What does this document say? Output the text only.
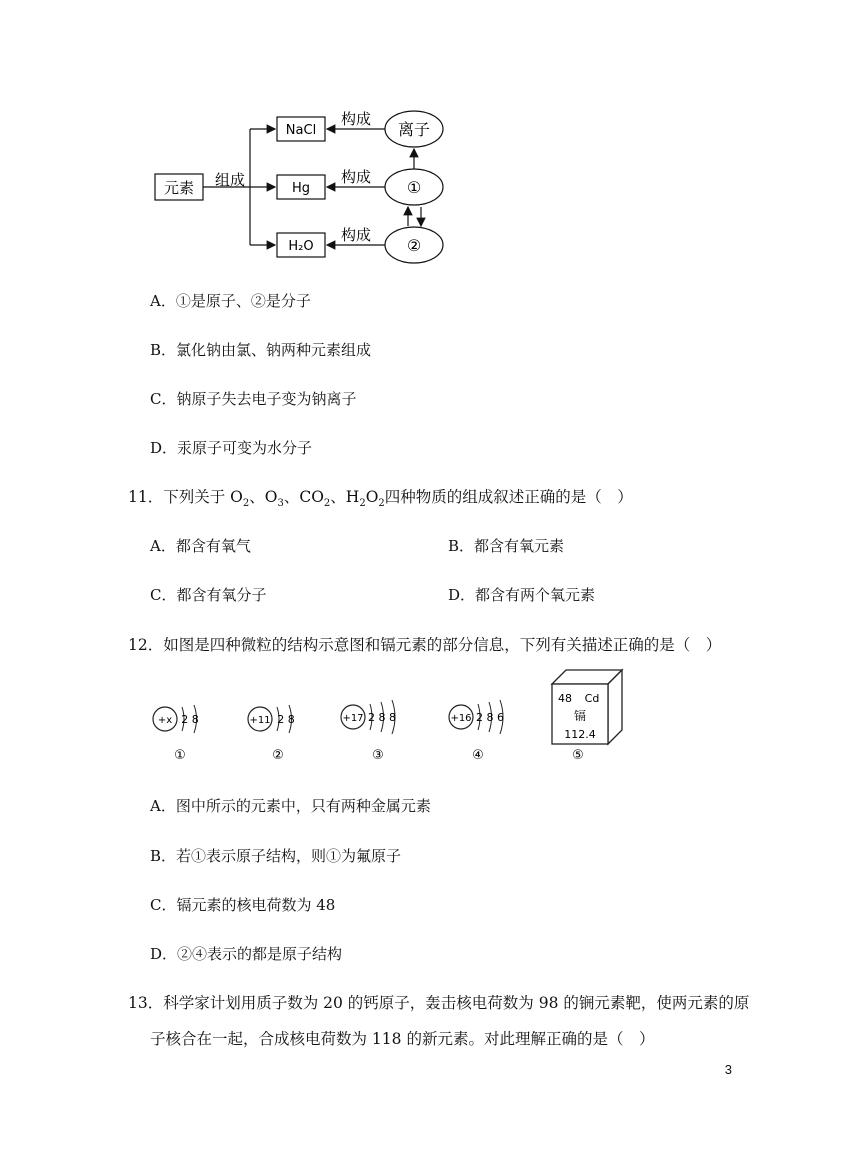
元素 组成
NaCl
Hg
H₂O
构成
构成
构成
离子
①
②
A．①是原子、②是分子
B．氯化钠由氯、钠两种元素组成
C．钠原子失去电子变为钠离子
D．汞原子可变为水分子
11．下列关于 $O_2$、$O_3$、$CO_2$、$H_2O_2$四种物质的组成叙述正确的是（　）
A．都含有氧气	B．都含有氧元素
C．都含有氧分子	D．都含有两个氧元素
12．如图是四种微粒的结构示意图和镉元素的部分信息，下列有关描述正确的是（　）
+x 2 8
①
+11 2 8
②
+17 2 8 8
③
+16 2 8 6
④
48 Cd
镉
112.4
⑤
A．图中所示的元素中，只有两种金属元素
B．若①表示原子结构，则①为氟原子
C．镉元素的核电荷数为 48
D．②④表示的都是原子结构
13．科学家计划用质子数为 20 的钙原子，轰击核电荷数为 98 的锎元素靶，使两元素的原
子核合在一起，合成核电荷数为 118 的新元素。对此理解正确的是（　）
3
